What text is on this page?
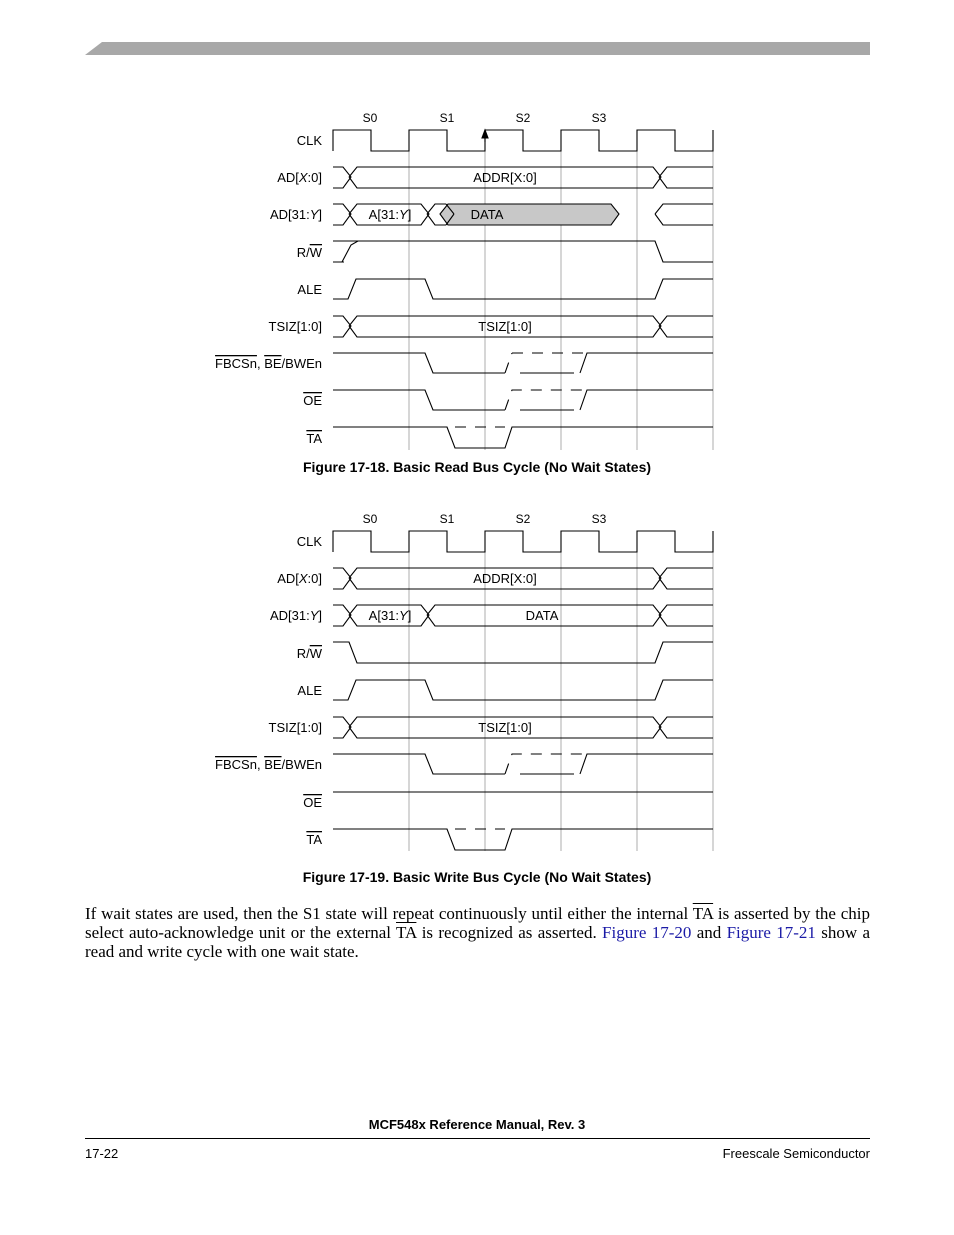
S0	S1	S2	S3
CLK
AD[X:0]
AD[31:Y]
R/W
ALE
TSIZ[1:0]
FBCSn, BE/BWEn
OE
TA
ADDR[X:0]
A[31:Y]	DATA
TSIZ[1:0]
Figure 17-18. Basic Read Bus Cycle (No Wait States)
S0	S1	S2	S3
CLK
AD[X:0]
AD[31:Y]
R/W
ALE
TSIZ[1:0]
FBCSn, BE/BWEn
OE
TA
ADDR[X:0]
A[31:Y]	DATA
TSIZ[1:0]
Figure 17-19. Basic Write Bus Cycle (No Wait States)

If wait states are used, then the S1 state will repeat continuously until either the internal $\overline{TA}$ is asserted by the chip select auto-acknowledge unit or the external $\overline{TA}$ is recognized as asserted. Figure 17-20 and Figure 17-21 show a read and write cycle with one wait state.

MCF548x Reference Manual, Rev. 3
17-22	Freescale Semiconductor
